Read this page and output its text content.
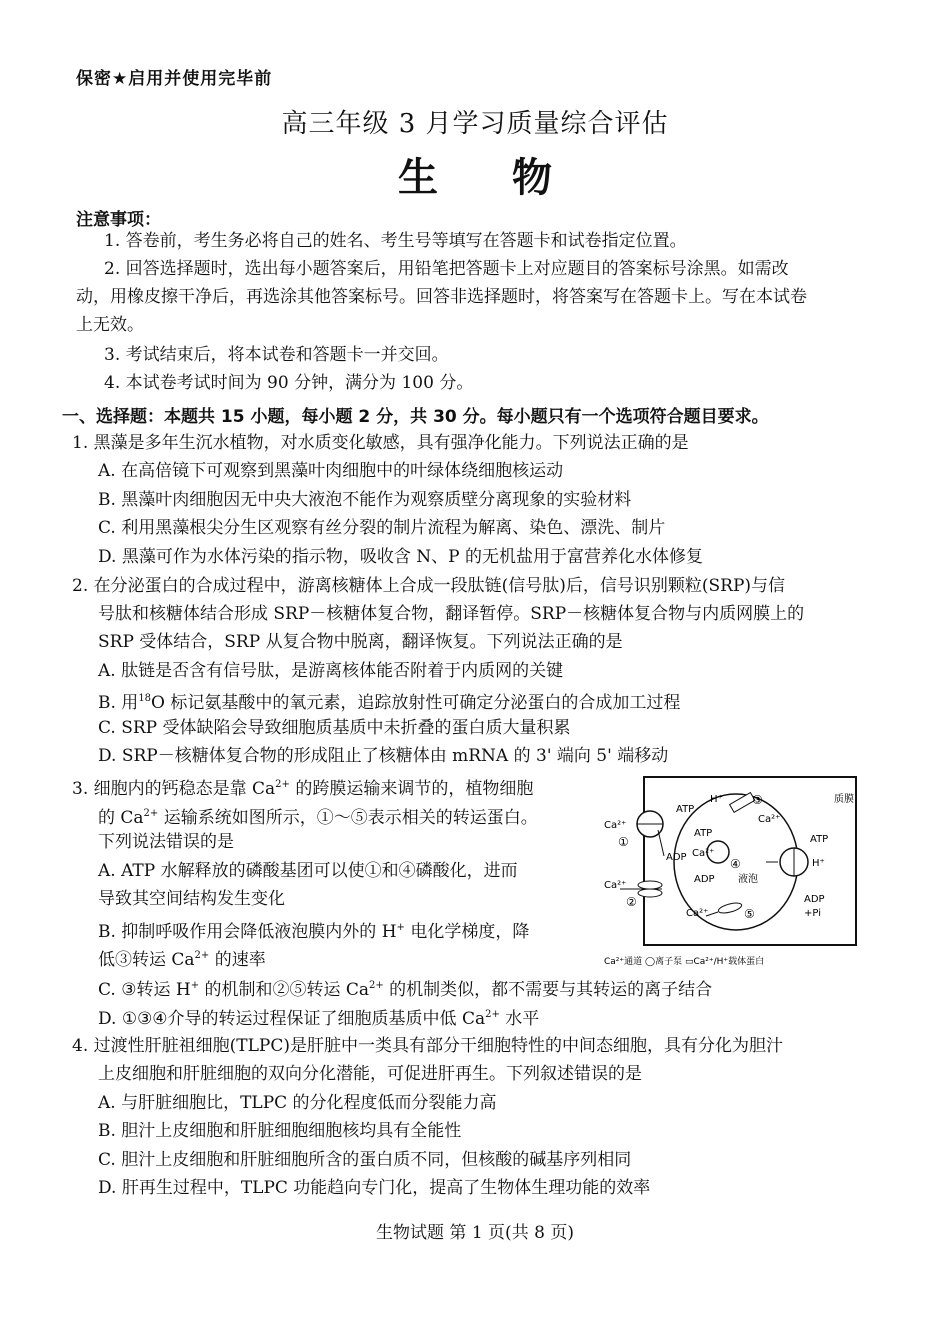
保密★启用并使用完毕前
高三年级 3 月学习质量综合评估
生 物
注意事项：
1. 答卷前，考生务必将自己的姓名、考生号等填写在答题卡和试卷指定位置。
2. 回答选择题时，选出每小题答案后，用铅笔把答题卡上对应题目的答案标号涂黑。如需改
动，用橡皮擦干净后，再选涂其他答案标号。回答非选择题时，将答案写在答题卡上。写在本试卷
上无效。
3. 考试结束后，将本试卷和答题卡一并交回。
4. 本试卷考试时间为 90 分钟，满分为 100 分。
一、选择题：本题共 15 小题，每小题 2 分，共 30 分。每小题只有一个选项符合题目要求。
1. 黑藻是多年生沉水植物，对水质变化敏感，具有强净化能力。下列说法正确的是
A. 在高倍镜下可观察到黑藻叶肉细胞中的叶绿体绕细胞核运动
B. 黑藻叶肉细胞因无中央大液泡不能作为观察质壁分离现象的实验材料
C. 利用黑藻根尖分生区观察有丝分裂的制片流程为解离、染色、漂洗、制片
D. 黑藻可作为水体污染的指示物，吸收含 N、P 的无机盐用于富营养化水体修复
2. 在分泌蛋白的合成过程中，游离核糖体上合成一段肽链(信号肽)后，信号识别颗粒(SRP)与信
号肽和核糖体结合形成 SRP－核糖体复合物，翻译暂停。SRP－核糖体复合物与内质网膜上的
SRP 受体结合，SRP 从复合物中脱离，翻译恢复。下列说法正确的是
A. 肽链是否含有信号肽，是游离核体能否附着于内质网的关键
B. 用$^{18}$O 标记氨基酸中的氧元素，追踪放射性可确定分泌蛋白的合成加工过程
C. SRP 受体缺陷会导致细胞质基质中未折叠的蛋白质大量积累
D. SRP－核糖体复合物的形成阻止了核糖体由 mRNA 的 3' 端向 5' 端移动
3. 细胞内的钙稳态是靠 $Ca^{2+}$ 的跨膜运输来调节的，植物细胞
的 $Ca^{2+}$ 运输系统如图所示，①～⑤表示相关的转运蛋白。
下列说法错误的是
A. ATP 水解释放的磷酸基团可以使①和④磷酸化，进而
导致其空间结构发生变化
B. 抑制呼吸作用会降低液泡膜内外的 H+ 电化学梯度，降
低③转运 $Ca^{2+}$ 的速率
C. ③转运 H+ 的机制和②⑤转运 $Ca^{2+}$ 的机制类似，都不需要与其转运的离子结合
D. ①③④介导的转运过程保证了细胞质基质中低 $Ca^{2+}$ 水平
质膜
液泡
ATP
ADP
Ca²⁺
①
Ca²⁺
②
H⁺
Ca²⁺
③
ATP
Ca²⁺
ADP
④
Ca²⁺	⑤
ATP
H⁺
ADP
+Pi
Ca²⁺通道 ◯离子泵 ▭Ca²⁺/H⁺载体蛋白
4. 过渡性肝脏祖细胞(TLPC)是肝脏中一类具有部分干细胞特性的中间态细胞，具有分化为胆汁
上皮细胞和肝脏细胞的双向分化潜能，可促进肝再生。下列叙述错误的是
A. 与肝脏细胞比，TLPC 的分化程度低而分裂能力高
B. 胆汁上皮细胞和肝脏细胞细胞核均具有全能性
C. 胆汁上皮细胞和肝脏细胞所含的蛋白质不同，但核酸的碱基序列相同
D. 肝再生过程中，TLPC 功能趋向专门化，提高了生物体生理功能的效率
生物试题 第 1 页(共 8 页)
